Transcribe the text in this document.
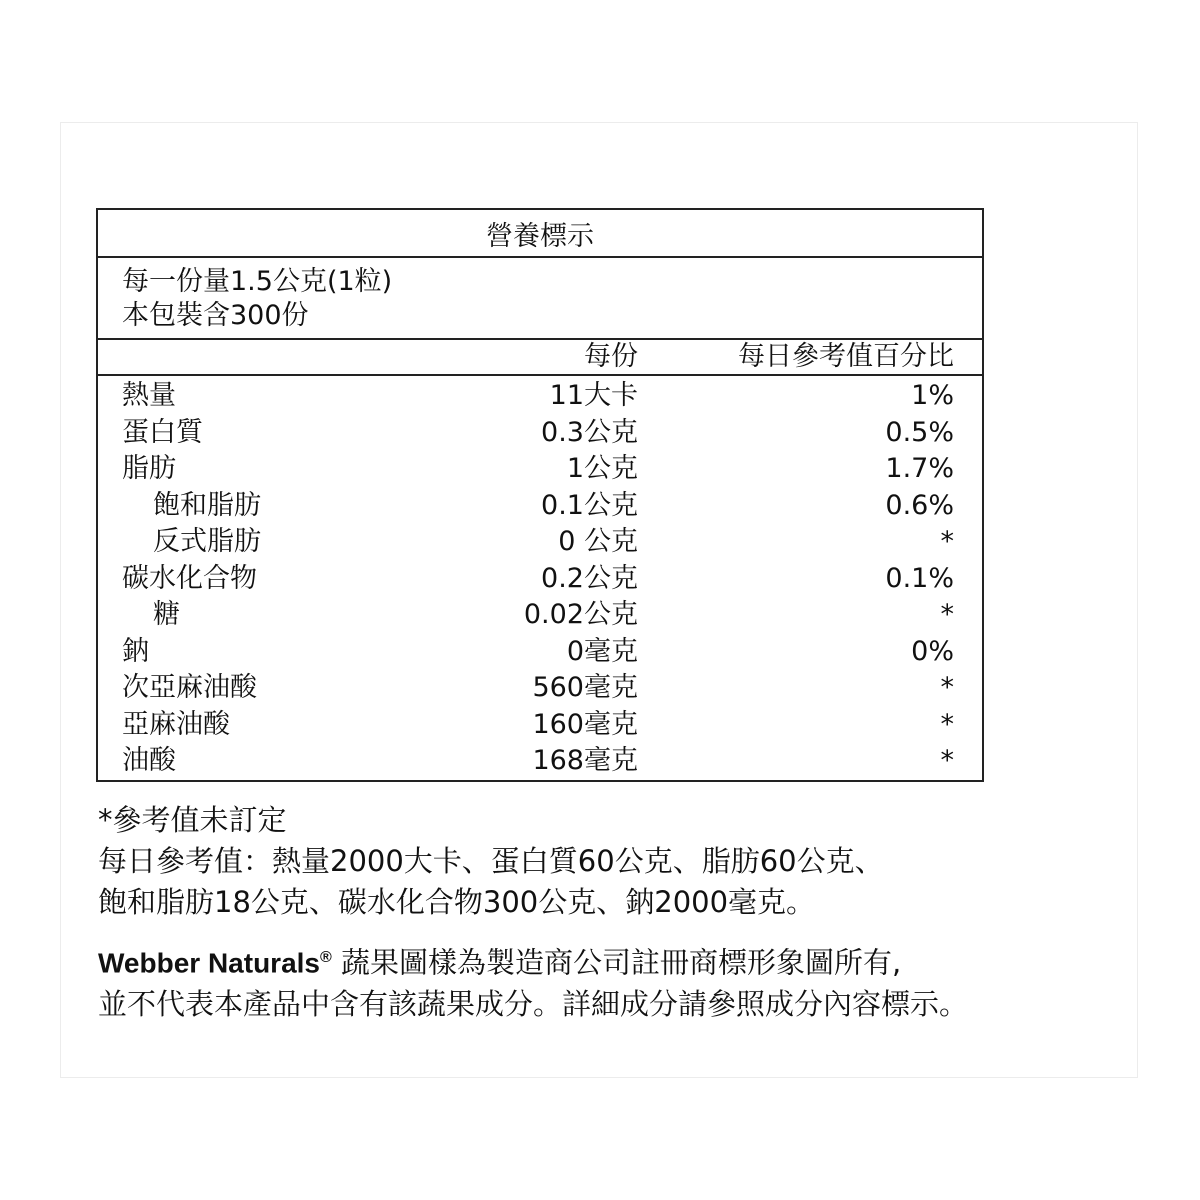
營養標示
每一份量1.5公克(1粒)
本包裝含300份
每份	每日參考值百分比
熱量	11大卡	1%
蛋白質	0.3公克	0.5%
脂肪	1公克	1.7%
飽和脂肪	0.1公克	0.6%
反式脂肪	0 公克	*
碳水化合物	0.2公克	0.1%
糖	0.02公克	*
鈉	0毫克	0%
次亞麻油酸	560毫克	*
亞麻油酸	160毫克	*
油酸	168毫克	*
*參考值未訂定
每日參考值：熱量2000大卡、蛋白質60公克、脂肪60公克、
飽和脂肪18公克、碳水化合物300公克、鈉2000毫克。
Webber Naturals® 蔬果圖樣為製造商公司註冊商標形象圖所有,
並不代表本產品中含有該蔬果成分。詳細成分請參照成分內容標示。
